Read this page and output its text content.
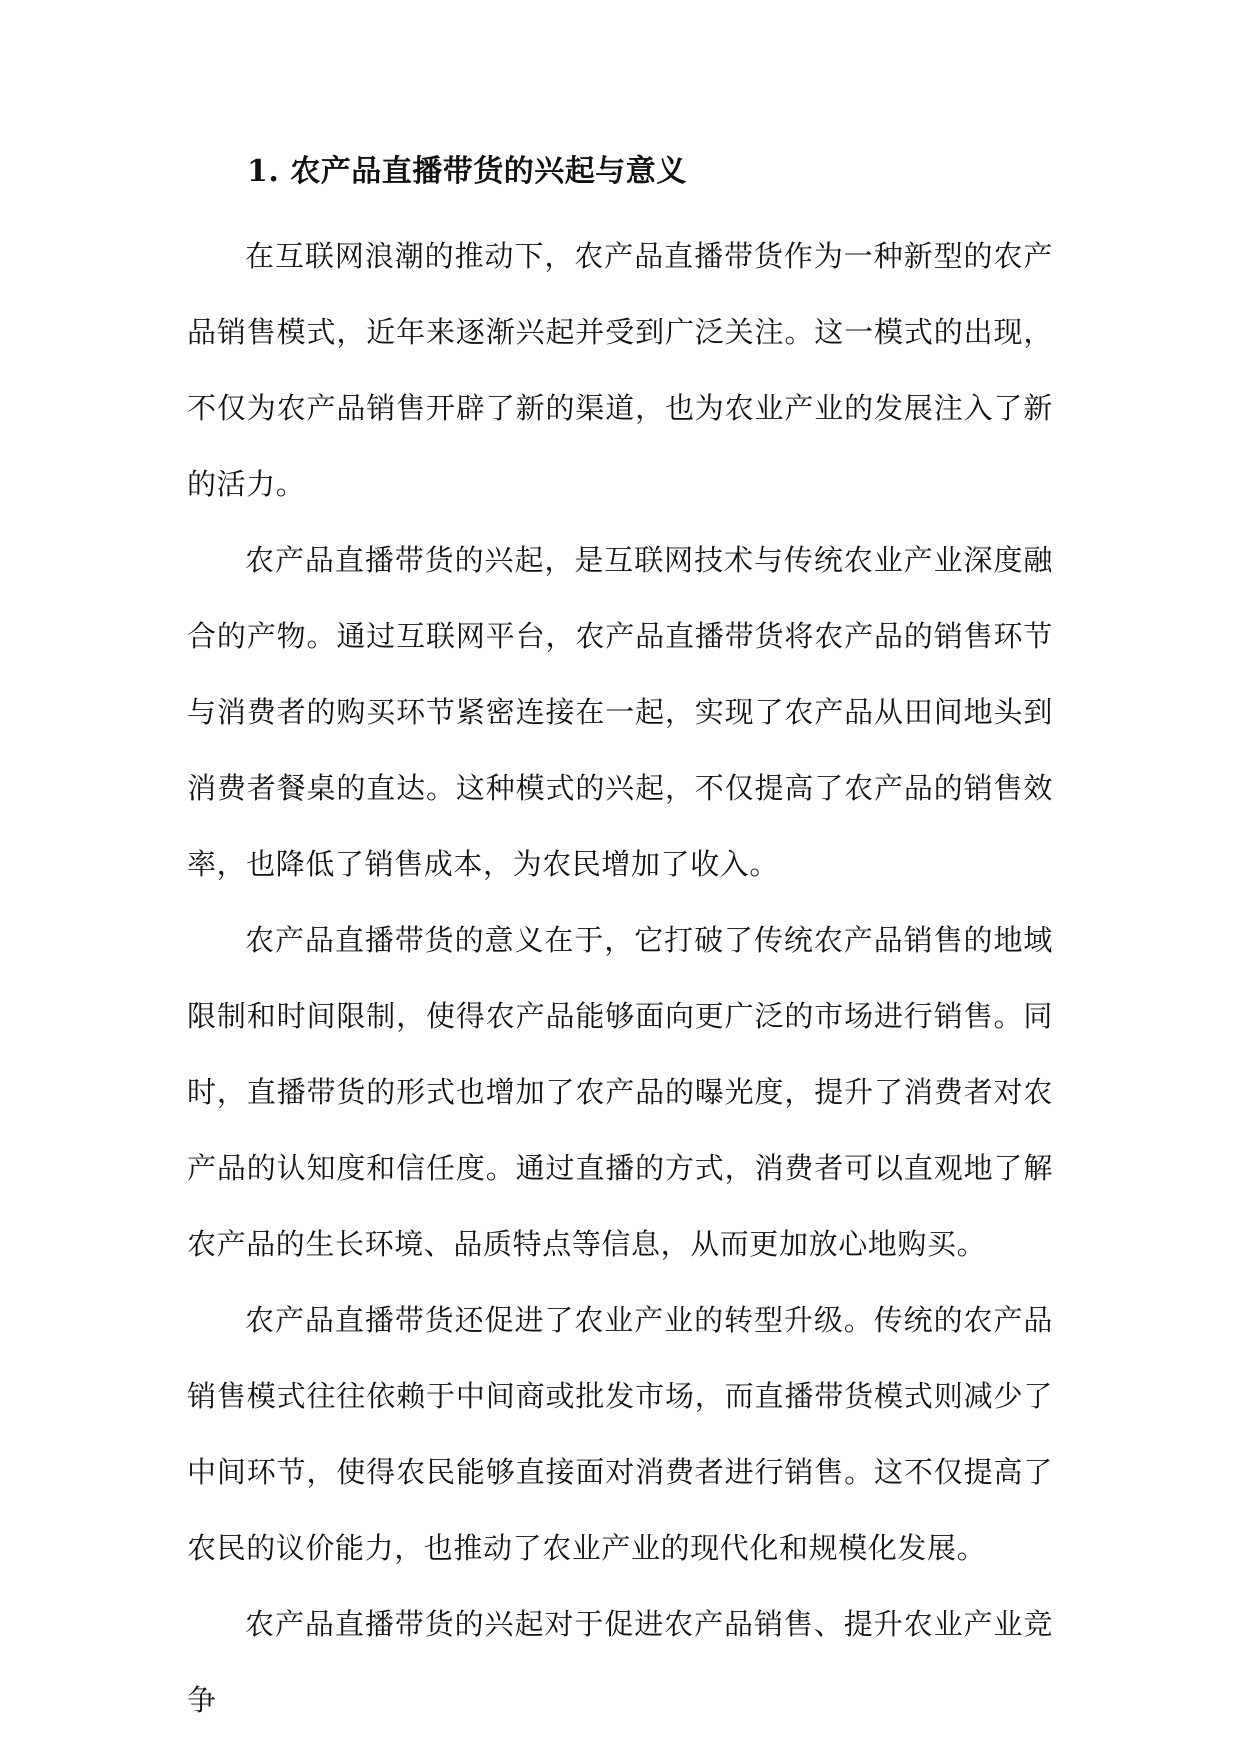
1. 农产品直播带货的兴起与意义

在互联网浪潮的推动下，农产品直播带货作为一种新型的农产品销售模式，近年来逐渐兴起并受到广泛关注。这一模式的出现，不仅为农产品销售开辟了新的渠道，也为农业产业的发展注入了新的活力。

农产品直播带货的兴起，是互联网技术与传统农业产业深度融合的产物。通过互联网平台，农产品直播带货将农产品的销售环节与消费者的购买环节紧密连接在一起，实现了农产品从田间地头到消费者餐桌的直达。这种模式的兴起，不仅提高了农产品的销售效率，也降低了销售成本，为农民增加了收入。

农产品直播带货的意义在于，它打破了传统农产品销售的地域限制和时间限制，使得农产品能够面向更广泛的市场进行销售。同时，直播带货的形式也增加了农产品的曝光度，提升了消费者对农产品的认知度和信任度。通过直播的方式，消费者可以直观地了解农产品的生长环境、品质特点等信息，从而更加放心地购买。

农产品直播带货还促进了农业产业的转型升级。传统的农产品销售模式往往依赖于中间商或批发市场，而直播带货模式则减少了中间环节，使得农民能够直接面对消费者进行销售。这不仅提高了农民的议价能力，也推动了农业产业的现代化和规模化发展。

农产品直播带货的兴起对于促进农产品销售、提升农业产业竞争
